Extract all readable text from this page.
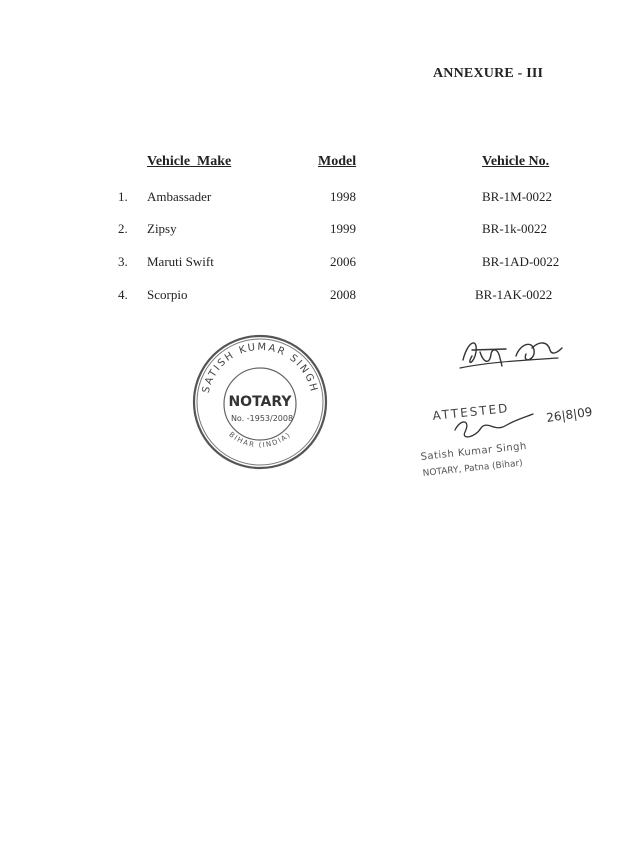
ANNEXURE - III
Vehicle  Make	Model	Vehicle No.
1. Ambassader	1998	BR-1M-0022
2. Zipsy	1999	BR-1k-0022
3. Maruti Swift	2006	BR-1AD-0022
4. Scorpio	2008	BR-1AK-0022
SATISH KUMAR SINGH
NOTARY
No. -1953/2008
BIHAR (INDIA)
ATTESTED	26|8|09
Satish Kumar Singh
NOTARY, Patna (Bihar)
